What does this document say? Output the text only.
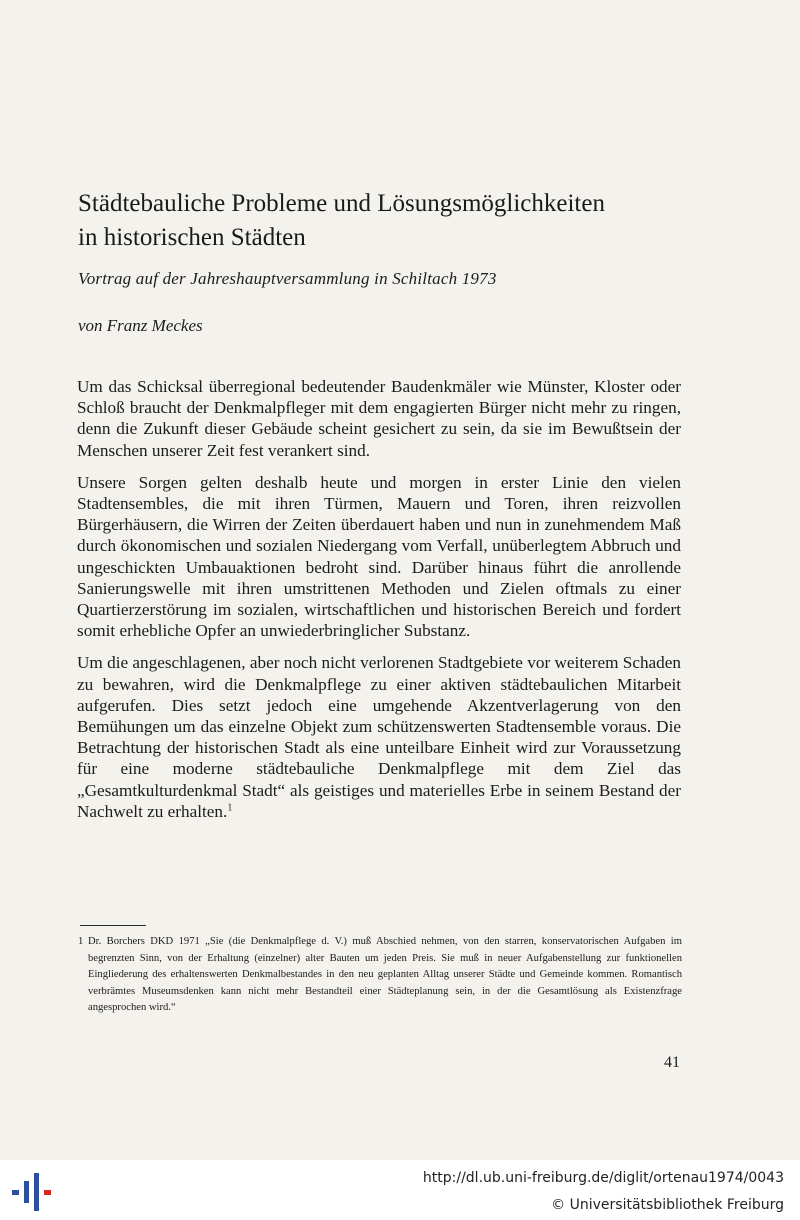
Städtebauliche Probleme und Lösungsmöglichkeiten
in historischen Städten
Vortrag auf der Jahreshauptversammlung in Schiltach 1973
von Franz Meckes

Um das Schicksal überregional bedeutender Baudenkmäler wie Münster, Kloster oder Schloß braucht der Denkmalpfleger mit dem engagierten Bürger nicht mehr zu ringen, denn die Zukunft dieser Gebäude scheint gesichert zu sein, da sie im Bewußtsein der Menschen unserer Zeit fest verankert sind.

Unsere Sorgen gelten deshalb heute und morgen in erster Linie den vielen Stadtensembles, die mit ihren Türmen, Mauern und Toren, ihren reizvollen Bürgerhäusern, die Wirren der Zeiten überdauert haben und nun in zunehmendem Maß durch ökonomischen und sozialen Niedergang vom Verfall, unüberlegtem Abbruch und ungeschickten Umbauaktionen bedroht sind. Darüber hinaus führt die anrollende Sanierungswelle mit ihren umstrittenen Methoden und Zielen oftmals zu einer Quartierzerstörung im sozialen, wirtschaftlichen und historischen Bereich und fordert somit erhebliche Opfer an unwiederbringlicher Substanz.

Um die angeschlagenen, aber noch nicht verlorenen Stadtgebiete vor weiterem Schaden zu bewahren, wird die Denkmalpflege zu einer aktiven städtebaulichen Mitarbeit aufgerufen. Dies setzt jedoch eine umgehende Akzentverlagerung von den Bemühungen um das einzelne Objekt zum schützenswerten Stadtensemble voraus. Die Betrachtung der historischen Stadt als eine unteilbare Einheit wird zur Voraussetzung für eine moderne städtebauliche Denkmalpflege mit dem Ziel das „Gesamtkulturdenkmal Stadt“ als geistiges und materielles Erbe in seinem Bestand der Nachwelt zu erhalten.$^1$

1 Dr. Borchers DKD 1971 „Sie (die Denkmalpflege d. V.) muß Abschied nehmen, von den starren, konservatorischen Aufgaben im begrenzten Sinn, von der Erhaltung (einzelner) alter Bauten um jeden Preis. Sie muß in neuer Aufgabenstellung zur funktionellen Eingliederung des erhaltenswerten Denkmalbestandes in den neu geplanten Alltag unserer Städte und Gemeinde kommen. Romantisch verbrämtes Museumsdenken kann nicht mehr Bestandteil einer Städteplanung sein, in der die Gesamtlösung als Existenzfrage angesprochen wird.“
41
http://dl.ub.uni-freiburg.de/diglit/ortenau1974/0043
© Universitätsbibliothek Freiburg
